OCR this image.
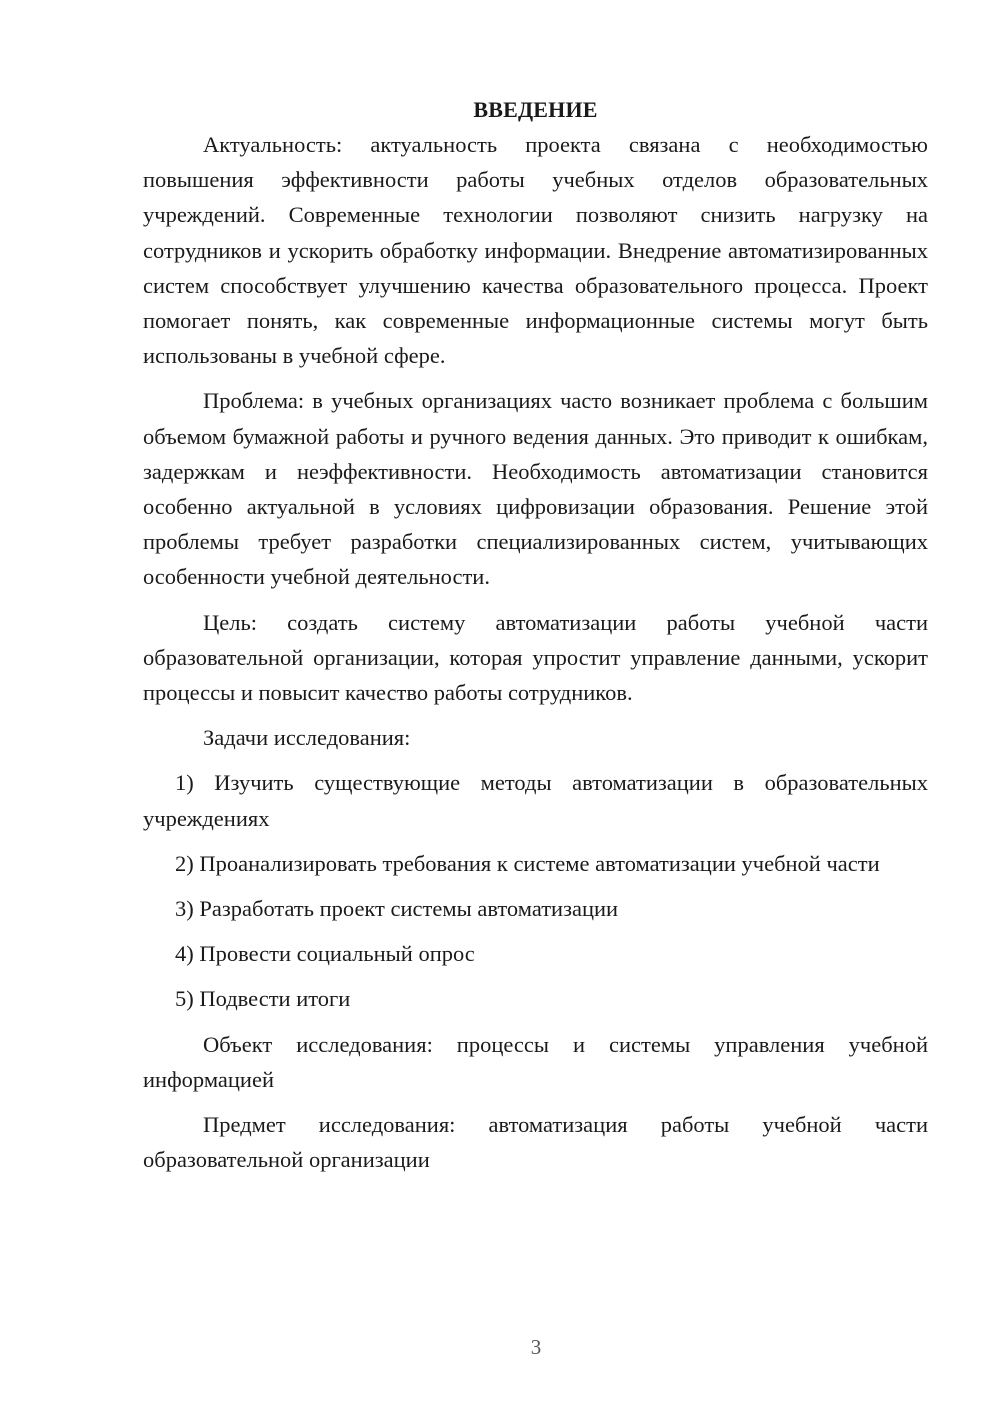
ВВЕДЕНИЕ

Актуальность: актуальность проекта связана с необходимостью повышения эффективности работы учебных отделов образовательных учреждений. Современные технологии позволяют снизить нагрузку на сотрудников и ускорить обработку информации. Внедрение автоматизированных систем способствует улучшению качества образовательного процесса. Проект помогает понять, как современные информационные системы могут быть использованы в учебной сфере.

Проблема: в учебных организациях часто возникает проблема с большим объемом бумажной работы и ручного ведения данных. Это приводит к ошибкам, задержкам и неэффективности. Необходимость автоматизации становится особенно актуальной в условиях цифровизации образования. Решение этой проблемы требует разработки специализированных систем, учитывающих особенности учебной деятельности.

Цель: создать систему автоматизации работы учебной части образовательной организации, которая упростит управление данными, ускорит процессы и повысит качество работы сотрудников.

Задачи исследования:

1) Изучить существующие методы автоматизации в образовательных учреждениях

2) Проанализировать требования к системе автоматизации учебной части

3) Разработать проект системы автоматизации

4) Провести социальный опрос

5) Подвести итоги

Объект исследования: процессы и системы управления учебной информацией

Предмет исследования: автоматизация работы учебной части образовательной организации

3
